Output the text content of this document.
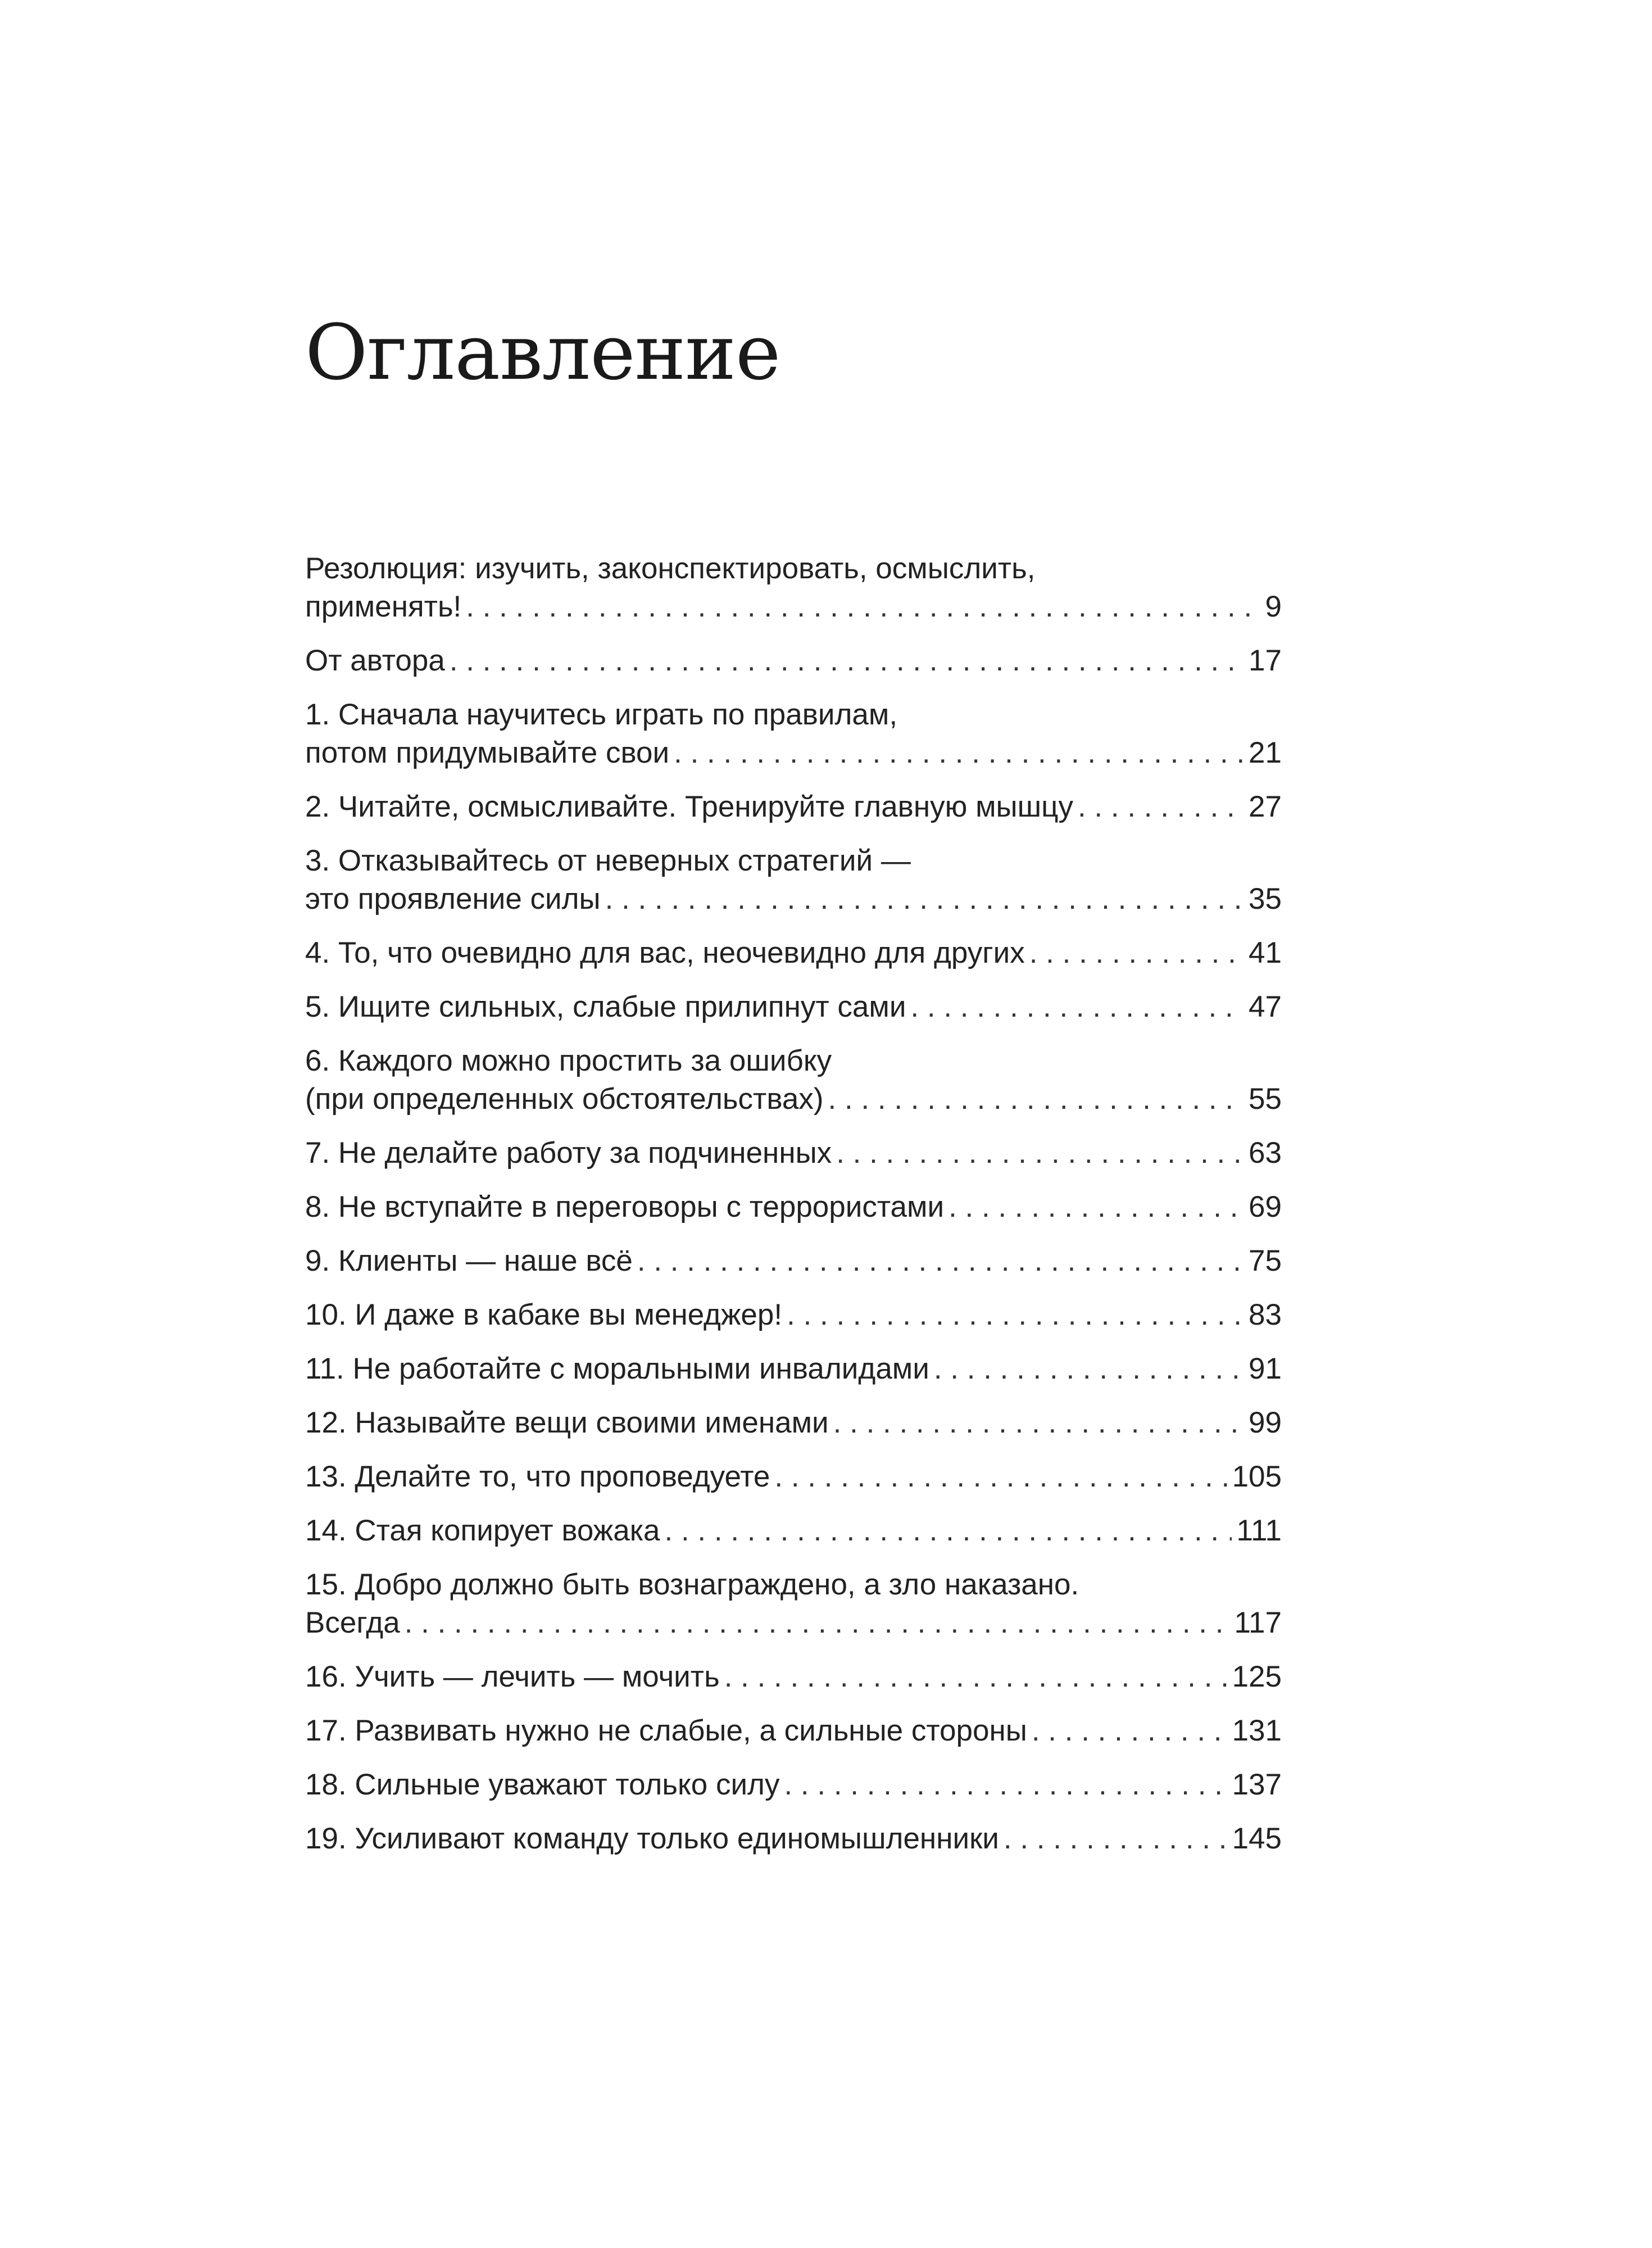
Оглавление
Резолюция: изучить, законспектировать, осмыслить,
применять! . . .	9
От автора . . .	17
1. Сначала научитесь играть по правилам,
потом придумывайте свои . . .	21
2. Читайте, осмысливайте. Тренируйте главную мышцу . . .	27
3. Отказывайтесь от неверных стратегий —
это проявление силы . . .	35
4. То, что очевидно для вас, неочевидно для других . . .	41
5. Ищите сильных, слабые прилипнут сами . . .	47
6. Каждого можно простить за ошибку
(при определенных обстоятельствах) . . .	55
7. Не делайте работу за подчиненных . . .	63
8. Не вступайте в переговоры с террористами . . .	69
9. Клиенты — наше всё . . .	75
10. И даже в кабаке вы менеджер! . . .	83
11. Не работайте с моральными инвалидами . . .	91
12. Называйте вещи своими именами . . .	99
13. Делайте то, что проповедуете . . .	105
14. Стая копирует вожака . . .	111
15. Добро должно быть вознаграждено, а зло наказано.
Всегда . . .	117
16. Учить — лечить — мочить . . .	125
17. Развивать нужно не слабые, а сильные стороны . . .	131
18. Сильные уважают только силу . . .	137
19. Усиливают команду только единомышленники . . .	145
